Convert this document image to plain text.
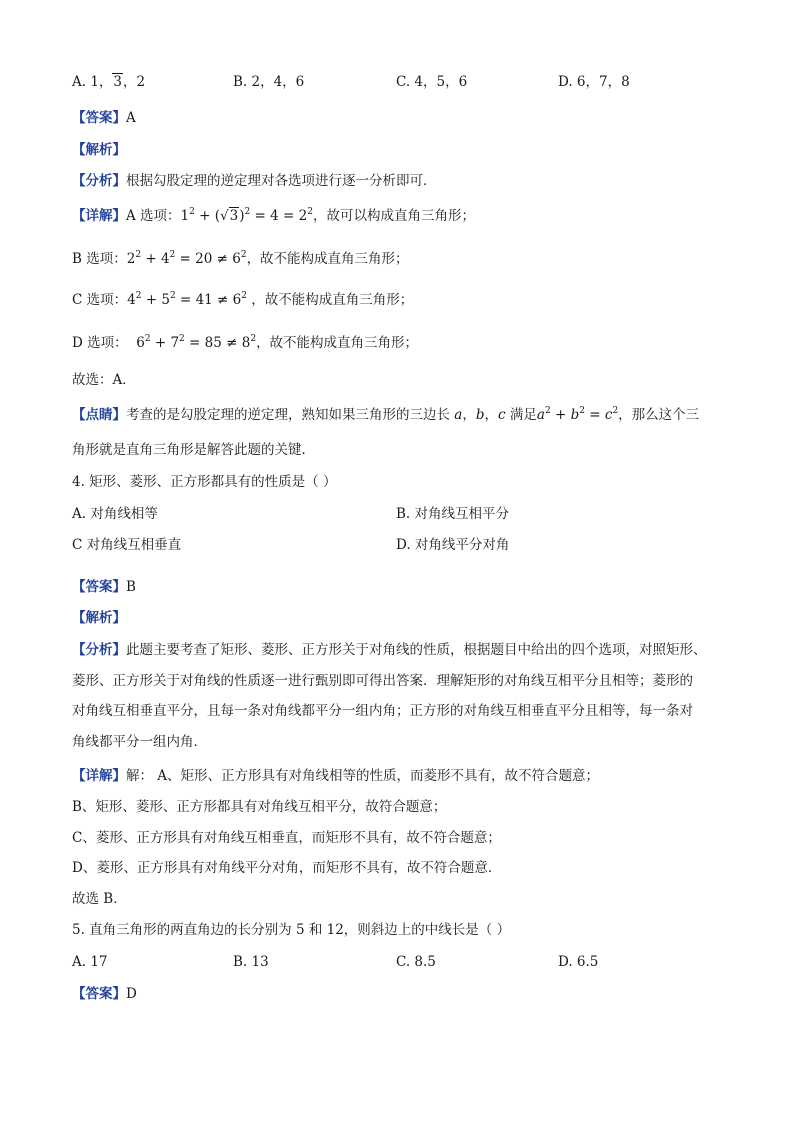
A. 1，3，2	B. 2，4，6	C. 4，5，6	D. 6，7，8
【答案】A
【解析】
【分析】根据勾股定理的逆定理对各选项进行逐一分析即可．
【详解】A 选项：$1^2 + (√3)^2 = 4 = 2^2$，故可以构成直角三角形；
B 选项：$2^2 + 4^2 = 20 \ne 6^2$，故不能构成直角三角形；
C 选项：$4^2 + 5^2 = 41 \ne 6^2$ ，故不能构成直角三角形；
D 选项： $6^2 + 7^2 = 85 \ne 8^2$，故不能构成直角三角形；
故选：A．
【点睛】考查的是勾股定理的逆定理，熟知如果三角形的三边长 a，b，c 满足$a^2 + b^2 = c^2$，那么这个三
角形就是直角三角形是解答此题的关键．
4. 矩形、菱形、正方形都具有的性质是（ ）
A. 对角线相等	B. 对角线互相平分
C 对角线互相垂直	D. 对角线平分对角
【答案】B
【解析】
【分析】此题主要考查了矩形、菱形、正方形关于对角线的性质，根据题目中给出的四个选项，对照矩形、
菱形、正方形关于对角线的性质逐一进行甄别即可得出答案．理解矩形的对角线互相平分且相等；菱形的
对角线互相垂直平分，且每一条对角线都平分一组内角；正方形的对角线互相垂直平分且相等，每一条对
角线都平分一组内角．
【详解】解： A、矩形、正方形具有对角线相等的性质，而菱形不具有，故不符合题意；
B、矩形、菱形、正方形都具有对角线互相平分，故符合题意；
C、菱形、正方形具有对角线互相垂直，而矩形不具有，故不符合题意；
D、菱形、正方形具有对角线平分对角，而矩形不具有，故不符合题意．
故选 B．
5. 直角三角形的两直角边的长分别为 5 和 12，则斜边上的中线长是（ ）
A. 17	B. 13	C. 8.5	D. 6.5
【答案】D
